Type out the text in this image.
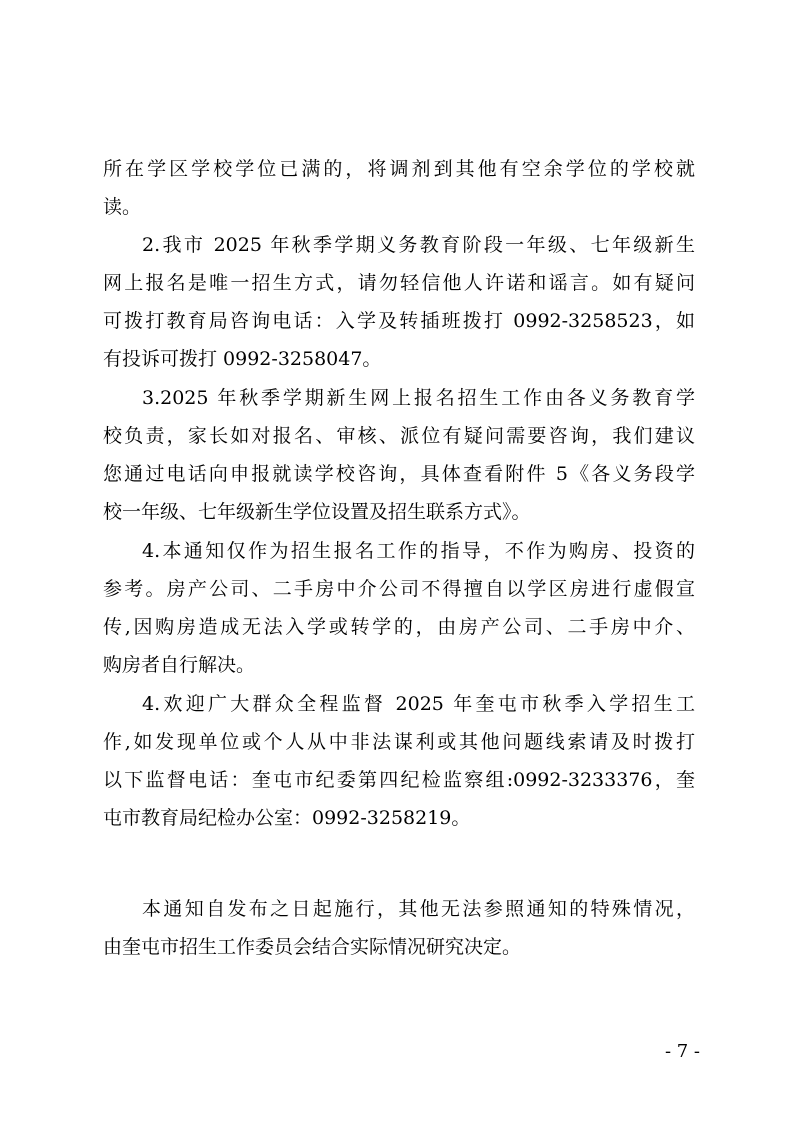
所在学区学校学位已满的，将调剂到其他有空余学位的学校就
读。
2.我市 2025 年秋季学期义务教育阶段一年级、七年级新生
网上报名是唯一招生方式，请勿轻信他人许诺和谣言。如有疑问
可拨打教育局咨询电话：入学及转插班拨打 0992-3258523，如
有投诉可拨打 0992-3258047。
3.2025 年秋季学期新生网上报名招生工作由各义务教育学
校负责，家长如对报名、审核、派位有疑问需要咨询，我们建议
您通过电话向申报就读学校咨询，具体查看附件 5《各义务段学
校一年级、七年级新生学位设置及招生联系方式》。
4.本通知仅作为招生报名工作的指导，不作为购房、投资的
参考。房产公司、二手房中介公司不得擅自以学区房进行虚假宣
传,因购房造成无法入学或转学的，由房产公司、二手房中介、
购房者自行解决。
4.欢迎广大群众全程监督 2025 年奎屯市秋季入学招生工
作,如发现单位或个人从中非法谋利或其他问题线索请及时拨打
以下监督电话：奎屯市纪委第四纪检监察组:0992-3233376，奎
屯市教育局纪检办公室：0992-3258219。
本通知自发布之日起施行，其他无法参照通知的特殊情况，
由奎屯市招生工作委员会结合实际情况研究决定。
- 7 -
